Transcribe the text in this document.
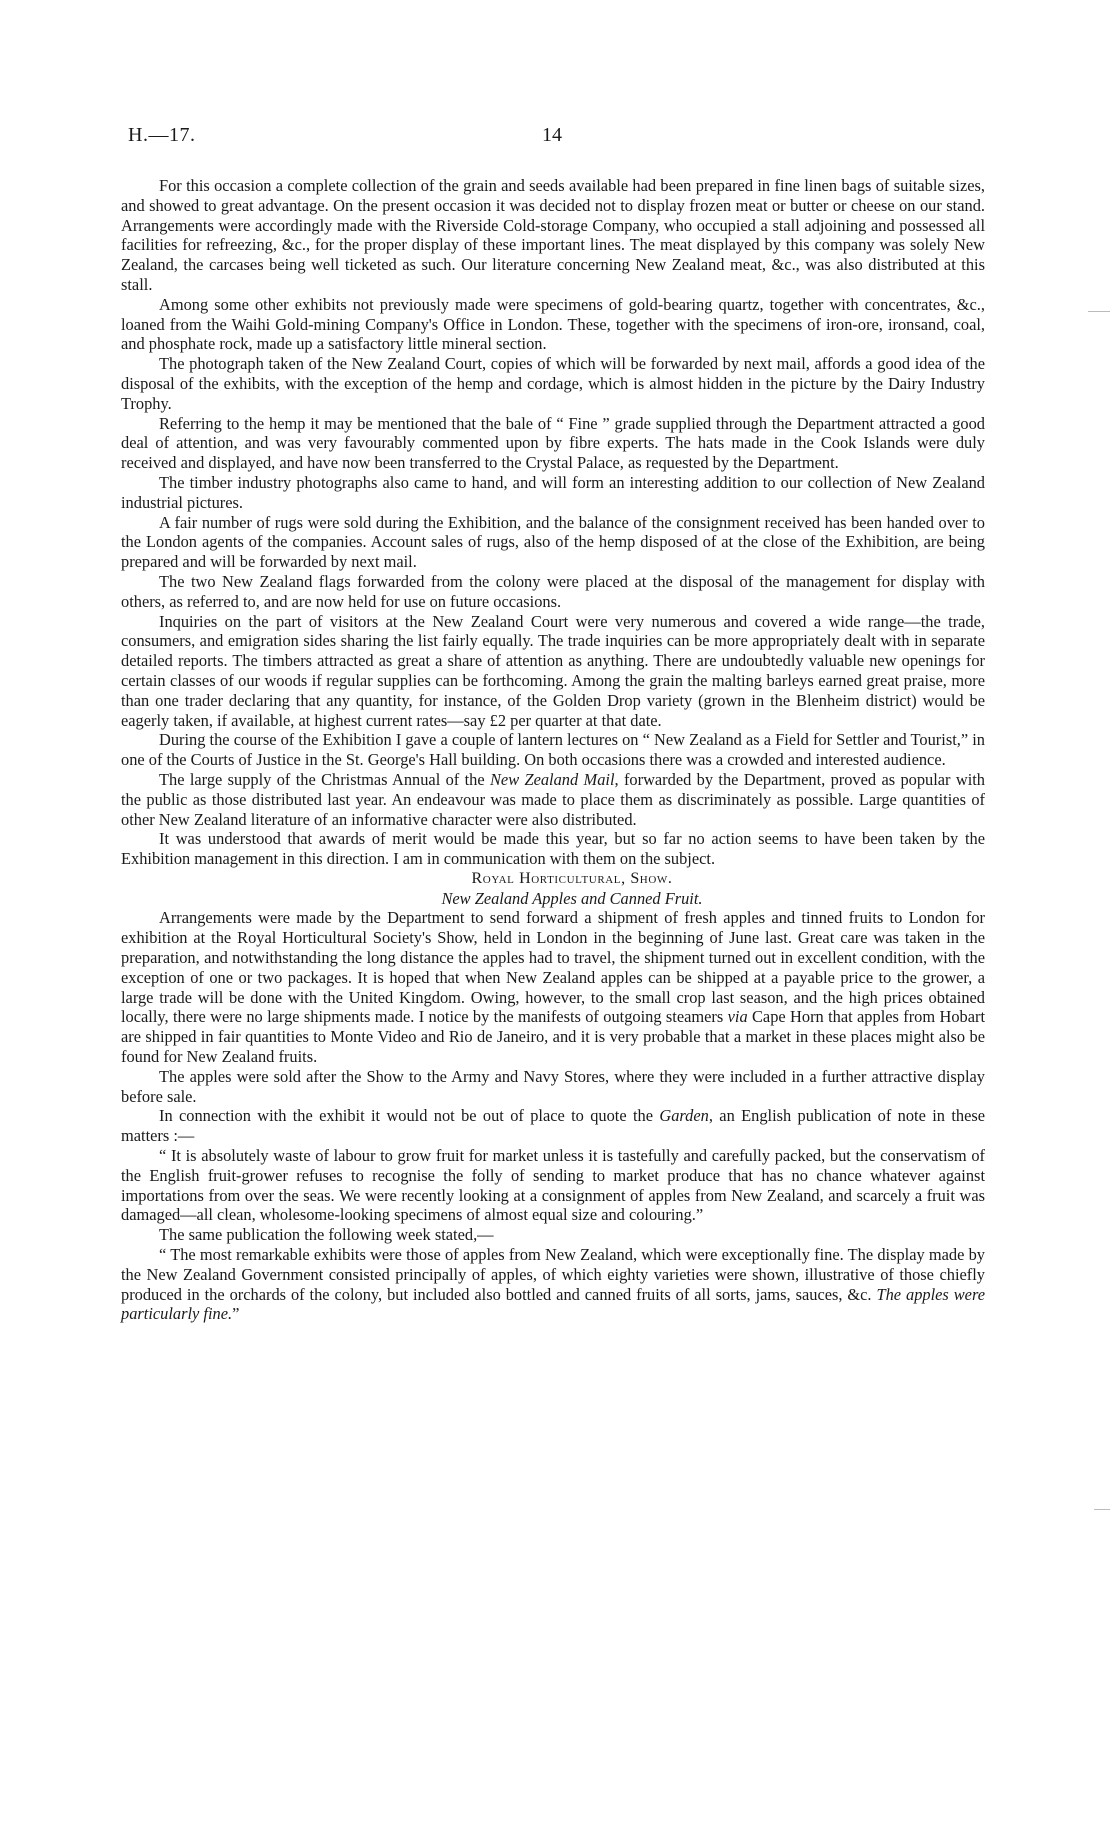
H.—17.	14

For this occasion a complete collection of the grain and seeds available had been prepared in fine linen bags of suitable sizes, and showed to great advantage. On the present occasion it was decided not to display frozen meat or butter or cheese on our stand. Arrangements were accordingly made with the Riverside Cold-storage Company, who occupied a stall adjoining and possessed all facilities for refreezing, &c., for the proper display of these important lines. The meat displayed by this company was solely New Zealand, the carcases being well ticketed as such. Our literature concerning New Zealand meat, &c., was also distributed at this stall.

Among some other exhibits not previously made were specimens of gold-bearing quartz, together with concentrates, &c., loaned from the Waihi Gold-mining Company's Office in London. These, together with the specimens of iron-ore, ironsand, coal, and phosphate rock, made up a satisfactory little mineral section.

The photograph taken of the New Zealand Court, copies of which will be forwarded by next mail, affords a good idea of the disposal of the exhibits, with the exception of the hemp and cordage, which is almost hidden in the picture by the Dairy Industry Trophy.

Referring to the hemp it may be mentioned that the bale of “ Fine ” grade supplied through the Department attracted a good deal of attention, and was very favourably commented upon by fibre experts. The hats made in the Cook Islands were duly received and displayed, and have now been transferred to the Crystal Palace, as requested by the Department.

The timber industry photographs also came to hand, and will form an interesting addition to our collection of New Zealand industrial pictures.

A fair number of rugs were sold during the Exhibition, and the balance of the consignment received has been handed over to the London agents of the companies. Account sales of rugs, also of the hemp disposed of at the close of the Exhibition, are being prepared and will be forwarded by next mail.

The two New Zealand flags forwarded from the colony were placed at the disposal of the management for display with others, as referred to, and are now held for use on future occasions.

Inquiries on the part of visitors at the New Zealand Court were very numerous and covered a wide range—the trade, consumers, and emigration sides sharing the list fairly equally. The trade inquiries can be more appropriately dealt with in separate detailed reports. The timbers attracted as great a share of attention as anything. There are undoubtedly valuable new openings for certain classes of our woods if regular supplies can be forthcoming. Among the grain the malting barleys earned great praise, more than one trader declaring that any quantity, for instance, of the Golden Drop variety (grown in the Blenheim district) would be eagerly taken, if available, at highest current rates—say £2 per quarter at that date.

During the course of the Exhibition I gave a couple of lantern lectures on “ New Zealand as a Field for Settler and Tourist,” in one of the Courts of Justice in the St. George's Hall building. On both occasions there was a crowded and interested audience.

The large supply of the Christmas Annual of the New Zealand Mail, forwarded by the Department, proved as popular with the public as those distributed last year. An endeavour was made to place them as discriminately as possible. Large quantities of other New Zealand literature of an informative character were also distributed.

It was understood that awards of merit would be made this year, but so far no action seems to have been taken by the Exhibition management in this direction. I am in communication with them on the subject.

Royal Horticultural, Show.

New Zealand Apples and Canned Fruit.

Arrangements were made by the Department to send forward a shipment of fresh apples and tinned fruits to London for exhibition at the Royal Horticultural Society's Show, held in London in the beginning of June last. Great care was taken in the preparation, and notwithstanding the long distance the apples had to travel, the shipment turned out in excellent condition, with the exception of one or two packages. It is hoped that when New Zealand apples can be shipped at a payable price to the grower, a large trade will be done with the United Kingdom. Owing, however, to the small crop last season, and the high prices obtained locally, there were no large shipments made. I notice by the manifests of outgoing steamers via Cape Horn that apples from Hobart are shipped in fair quantities to Monte Video and Rio de Janeiro, and it is very probable that a market in these places might also be found for New Zealand fruits.

The apples were sold after the Show to the Army and Navy Stores, where they were included in a further attractive display before sale.

In connection with the exhibit it would not be out of place to quote the Garden, an English publication of note in these matters :—

“ It is absolutely waste of labour to grow fruit for market unless it is tastefully and carefully packed, but the conservatism of the English fruit-grower refuses to recognise the folly of sending to market produce that has no chance whatever against importations from over the seas. We were recently looking at a consignment of apples from New Zealand, and scarcely a fruit was damaged—all clean, wholesome-looking specimens of almost equal size and colouring.”

The same publication the following week stated,—

“ The most remarkable exhibits were those of apples from New Zealand, which were exceptionally fine. The display made by the New Zealand Government consisted principally of apples, of which eighty varieties were shown, illustrative of those chiefly produced in the orchards of the colony, but included also bottled and canned fruits of all sorts, jams, sauces, &c. The apples were particularly fine.”
